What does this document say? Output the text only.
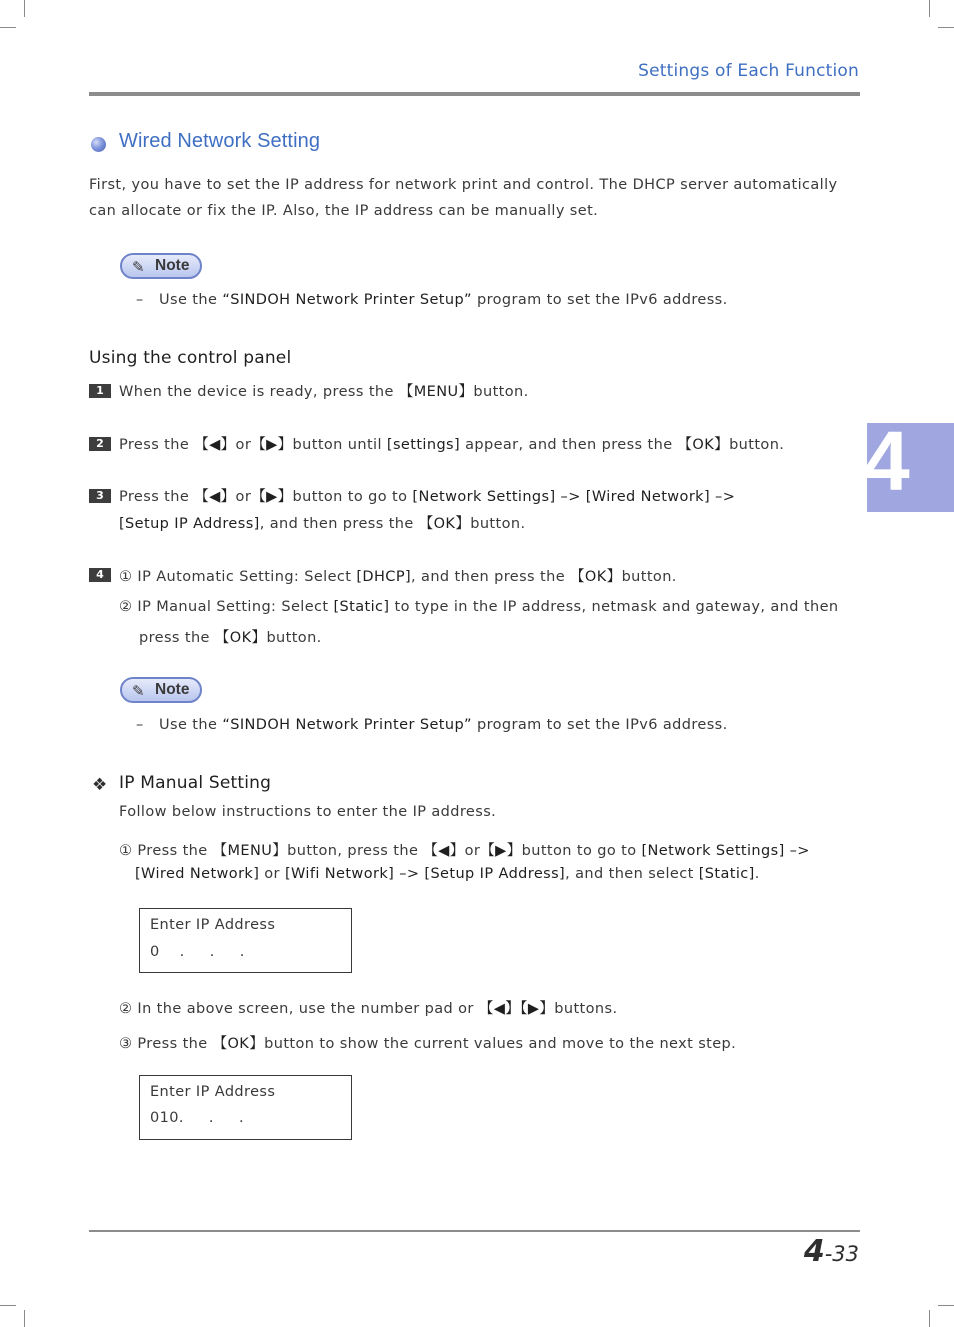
Settings of Each Function
4
Wired Network Setting
First, you have to set the IP address for network print and control. The DHCP server automatically
can allocate or fix the IP. Also, the IP address can be manually set.
✎ Note
– Use the “SINDOH Network Printer Setup” program to set the IPv6 address.
Using the control panel
1	When the device is ready, press the 【MENU】button.
2	Press the 【◀】or【▶】button until [settings] appear, and then press the 【OK】button.
3	Press the 【◀】or【▶】button to go to [Network Settings] –> [Wired Network] –>
[Setup IP Address], and then press the 【OK】button.
4	① IP Automatic Setting: Select [DHCP], and then press the 【OK】button.
② IP Manual Setting: Select [Static] to type in the IP address, netmask and gateway, and then
press the 【OK】button.
✎ Note
– Use the “SINDOH Network Printer Setup” program to set the IPv6 address.
❖ IP Manual Setting
Follow below instructions to enter the IP address.
① Press the 【MENU】button, press the 【◀】or【▶】button to go to [Network Settings] –>
[Wired Network] or [Wifi Network] –> [Setup IP Address], and then select [Static].
Enter IP Address
0    .     .     .
② In the above screen, use the number pad or 【◀】【▶】buttons.
③ Press the 【OK】button to show the current values and move to the next step.
Enter IP Address
010.     .     .
4-33
